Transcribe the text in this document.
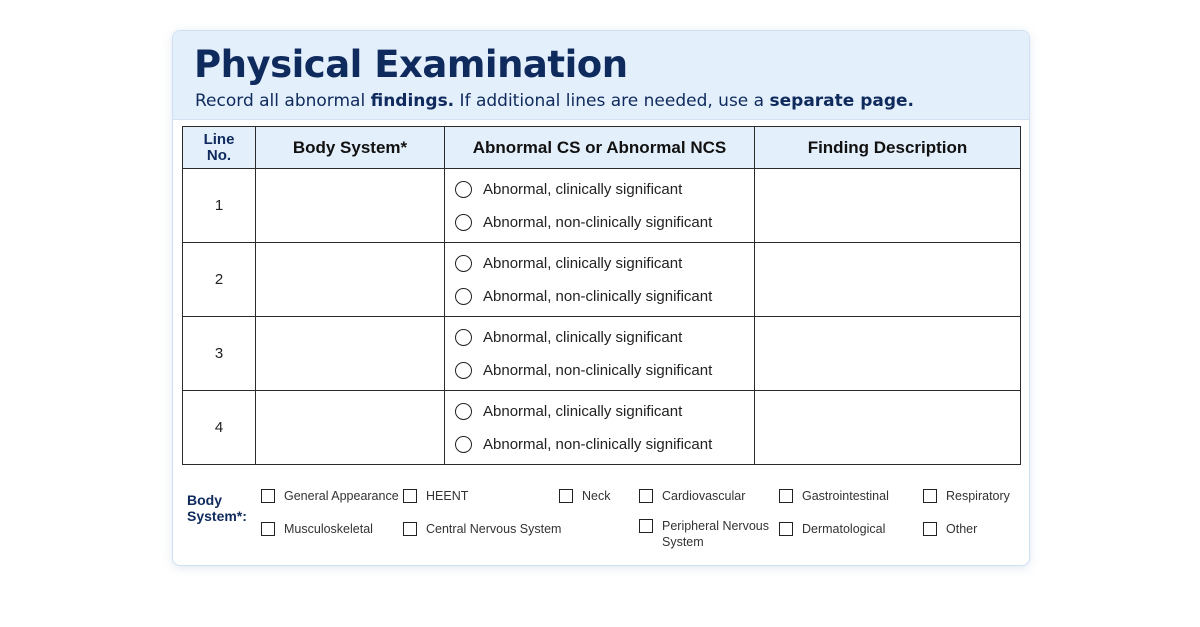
Physical Examination
Record all abnormal findings. If additional lines are needed, use a separate page.
Line
No.	Body System*	Abnormal CS or Abnormal NCS	Finding Description
1		Abnormal, clinically significant
Abnormal, non-clinically significant	

2		Abnormal, clinically significant
Abnormal, non-clinically significant	

3		Abnormal, clinically significant
Abnormal, non-clinically significant	

4		Abnormal, clinically significant
Abnormal, non-clinically significant	

Body
System*:
General Appearance HEENT	Neck	Cardiovascular	Gastrointestinal	Respiratory
Musculoskeletal	Central Nervous System	Peripheral Nervous System
Dermatological	Other
